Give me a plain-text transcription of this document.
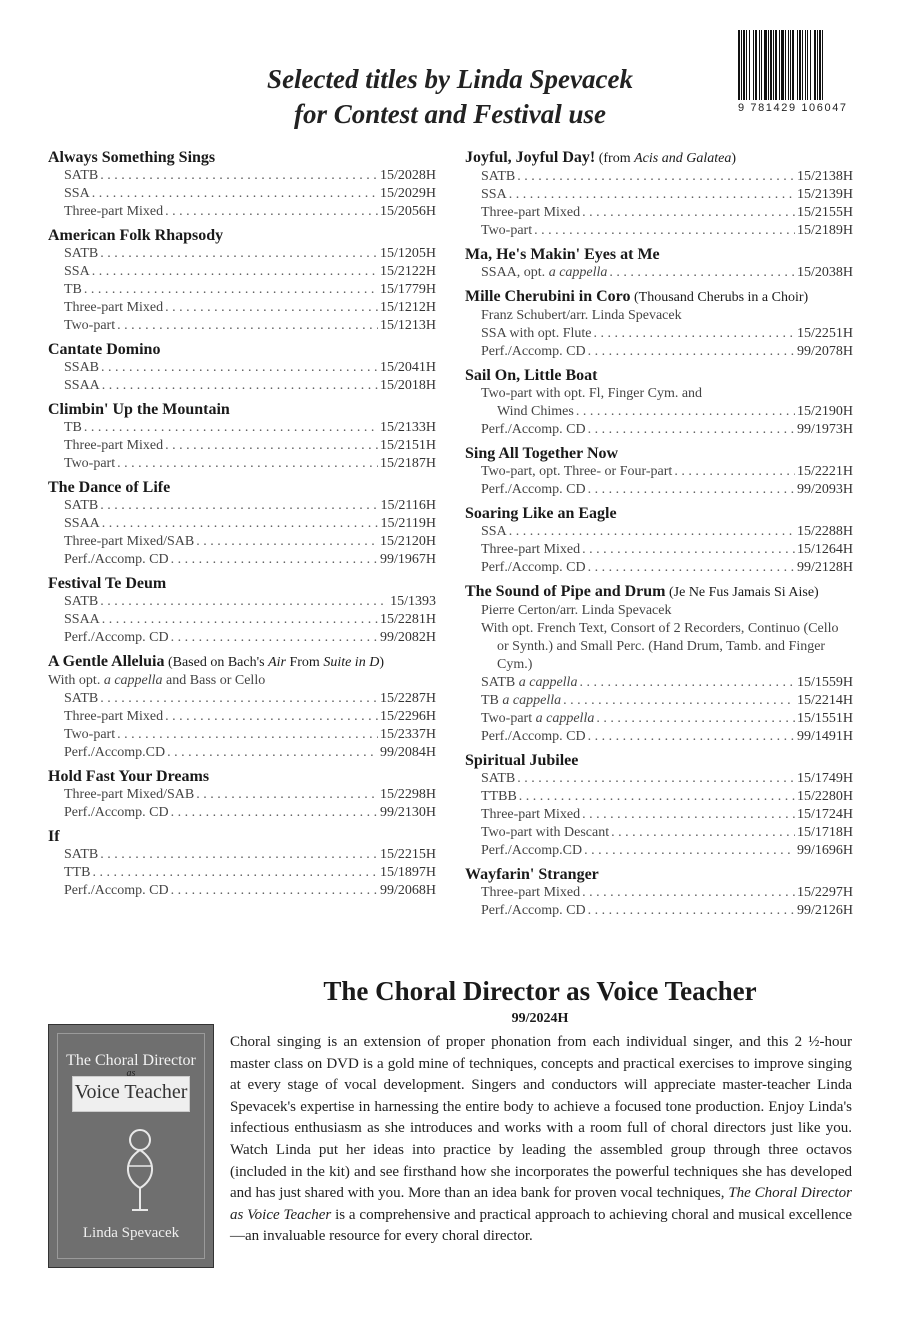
9 781429 106047
Selected titles by Linda Spevacek
for Contest and Festival use
Always Something Sings
SATB . . .	15/2028H
SSA . . .	15/2029H
Three-part Mixed . . .	15/2056H
American Folk Rhapsody
SATB . . .	15/1205H
SSA . . .	15/2122H
TB . . .	15/1779H
Three-part Mixed . . .	15/1212H
Two-part . . .	15/1213H
Cantate Domino
SSAB . . .	15/2041H
SSAA . . .	15/2018H
Climbin' Up the Mountain
TB . . .	15/2133H
Three-part Mixed . . .	15/2151H
Two-part . . .	15/2187H
The Dance of Life
SATB . . .	15/2116H
SSAA . . .	15/2119H
Three-part Mixed/SAB . . .	15/2120H
Perf./Accomp. CD . . .	99/1967H
Festival Te Deum
SATB . . .	15/1393
SSAA . . .	15/2281H
Perf./Accomp. CD . . .	99/2082H
A Gentle Alleluia (Based on Bach's Air From Suite in D)
With opt. a cappella and Bass or Cello
SATB . . .	15/2287H
Three-part Mixed . . .	15/2296H
Two-part . . .	15/2337H
Perf./Accomp.CD . . .	99/2084H
Hold Fast Your Dreams
Three-part Mixed/SAB . . .	15/2298H
Perf./Accomp. CD . . .	99/2130H
If
SATB . . .	15/2215H
TTB . . .	15/1897H
Perf./Accomp. CD . . .	99/2068H
Joyful, Joyful Day! (from Acis and Galatea)
SATB . . .	15/2138H
SSA . . .	15/2139H
Three-part Mixed . . .	15/2155H
Two-part . . .	15/2189H
Ma, He's Makin' Eyes at Me
SSAA, opt. a cappella . . .	15/2038H
Mille Cherubini in Coro (Thousand Cherubs in a Choir)
Franz Schubert/arr. Linda Spevacek
SSA with opt. Flute . . .	15/2251H
Perf./Accomp. CD . . .	99/2078H
Sail On, Little Boat
Two-part with opt. Fl, Finger Cym. and
Wind Chimes . . .	15/2190H
Perf./Accomp. CD . . .	99/1973H
Sing All Together Now
Two-part, opt. Three- or Four-part . . .	15/2221H
Perf./Accomp. CD . . .	99/2093H
Soaring Like an Eagle
SSA . . .	15/2288H
Three-part Mixed . . .	15/1264H
Perf./Accomp. CD . . .	99/2128H
The Sound of Pipe and Drum (Je Ne Fus Jamais Si Aise)
Pierre Certon/arr. Linda Spevacek
With opt. French Text, Consort of 2 Recorders, Continuo (Cello or Synth.) and Small Perc. (Hand Drum, Tamb. and Finger Cym.)
SATB a cappella . . .	15/1559H
TB a cappella . . .	15/2214H
Two-part a cappella . . .	15/1551H
Perf./Accomp. CD . . .	99/1491H
Spiritual Jubilee
SATB . . .	15/1749H
TTBB . . .	15/2280H
Three-part Mixed . . .	15/1724H
Two-part with Descant . . .	15/1718H
Perf./Accomp.CD . . .	99/1696H
Wayfarin' Stranger
Three-part Mixed . . .	15/2297H
Perf./Accomp. CD . . .	99/2126H
The Choral Director as Voice Teacher
99/2024H
The Choral Director
as
Voice Teacher
Linda Spevacek
Choral singing is an extension of proper phonation from each individual singer, and this 2 ½-hour master class on DVD is a gold mine of techniques, concepts and practical exercises to improve singing at every stage of vocal development. Singers and conductors will appreciate master-teacher Linda Spevacek's expertise in harnessing the entire body to achieve a focused tone production. Enjoy Linda's infectious enthusiasm as she introduces and works with a room full of choral directors just like you. Watch Linda put her ideas into practice by leading the assembled group through three octavos (included in the kit) and see firsthand how she incorporates the powerful techniques she has developed and has just shared with you. More than an idea bank for proven vocal techniques, The Choral Director as Voice Teacher is a comprehensive and practical approach to achieving choral and musical excellence—an invaluable resource for every choral director.
